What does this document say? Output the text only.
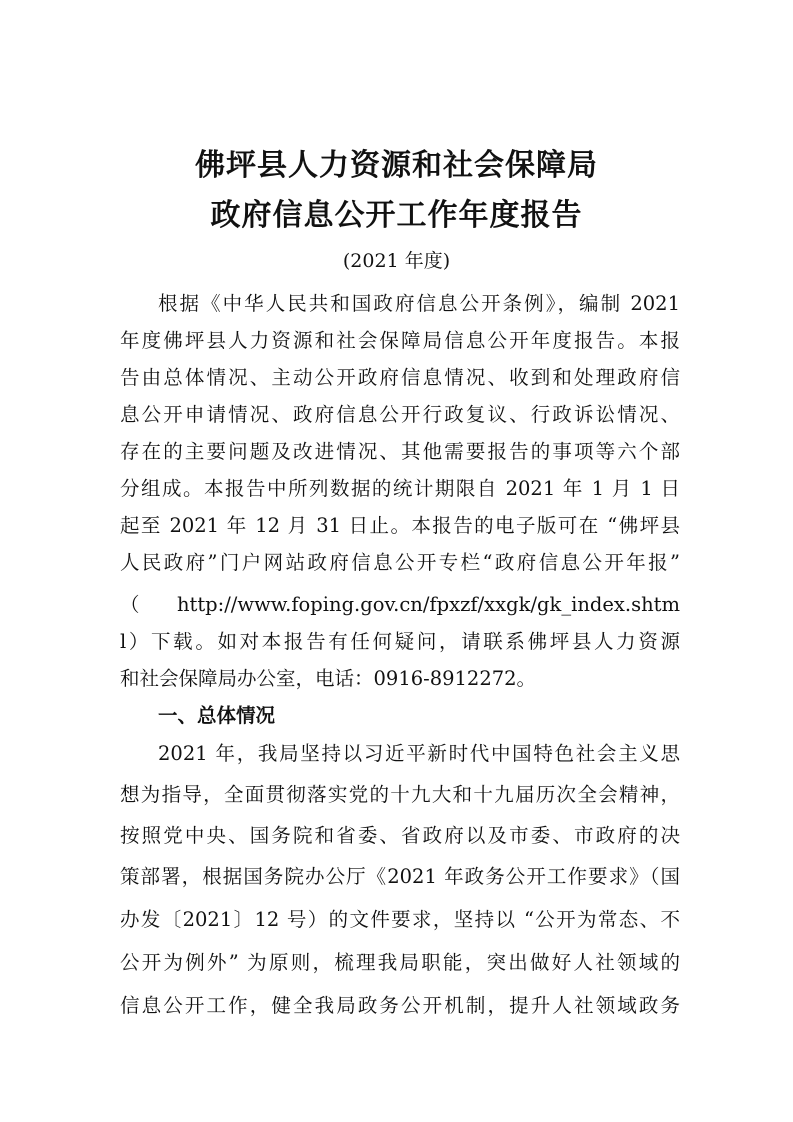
佛坪县人力资源和社会保障局
政府信息公开工作年度报告
(2021 年度)
根据《中华人民共和国政府信息公开条例》，编制 2021
年度佛坪县人力资源和社会保障局信息公开年度报告。本报
告由总体情况、主动公开政府信息情况、收到和处理政府信
息公开申请情况、政府信息公开行政复议、行政诉讼情况、
存在的主要问题及改进情况、其他需要报告的事项等六个部
分组成。本报告中所列数据的统计期限自 2021 年 1 月 1 日
起至 2021 年 12 月 31 日止。本报告的电子版可在 “佛坪县
人民政府”门户网站政府信息公开专栏“政府信息公开年报”
（ http://www.foping.gov.cn/fpxzf/xxgk/gk_index.shtm
l）下载。如对本报告有任何疑问，请联系佛坪县人力资源
和社会保障局办公室，电话：0916-8912272。
一、总体情况
2021 年，我局坚持以习近平新时代中国特色社会主义思
想为指导，全面贯彻落实党的十九大和十九届历次全会精神，
按照党中央、国务院和省委、省政府以及市委、市政府的决
策部署，根据国务院办公厅《2021 年政务公开工作要求》（国
办发〔2021〕12 号）的文件要求，坚持以 “公开为常态、不
公开为例外” 为原则，梳理我局职能，突出做好人社领域的
信息公开工作，健全我局政务公开机制，提升人社领域政务
